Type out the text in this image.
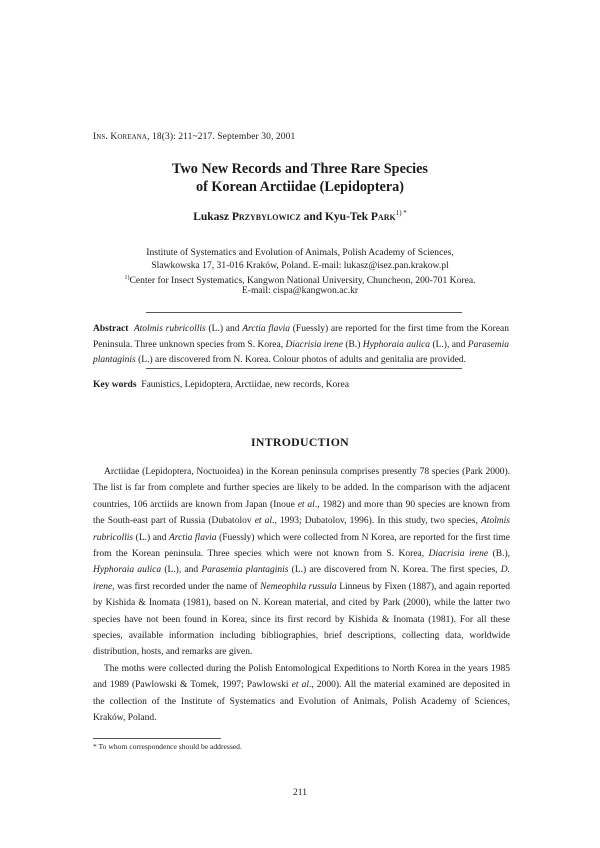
Ins. Koreana, 18(3): 211~217. September 30, 2001
Two New Records and Three Rare Species
of Korean Arctiidae (Lepidoptera)
Lukasz Przybylowicz and Kyu-Tek Park$^{1) *}$
Institute of Systematics and Evolution of Animals, Polish Academy of Sciences,
Slawkowska 17, 31-016 Kraków, Poland. E-mail: lukasz@isez.pan.krakow.pl
$^{1)}$Center for Insect Systematics, Kangwon National University, Chuncheon, 200-701 Korea.
E-mail: cispa@kangwon.ac.kr
Abstract Atolmis rubricollis (L.) and Arctia flavia (Fuessly) are reported for the first time from the Korean Peninsula. Three unknown species from S. Korea, Diacrisia irene (B.) Hyphoraia aulica (L.), and Parasemia plantaginis (L.) are discovered from N. Korea. Colour photos of adults and genitalia are provided.
Key words Faunistics, Lepidoptera, Arctiidae, new records, Korea
INTRODUCTION

Arctiidae (Lepidoptera, Noctuoidea) in the Korean peninsula comprises presently 78 species (Park 2000). The list is far from complete and further species are likely to be added. In the comparison with the adjacent countries, 106 arctiids are known from Japan (Inoue et al., 1982) and more than 90 species are known from the South-east part of Russia (Dubatolov et al., 1993; Dubatolov, 1996). In this study, two species, Atolmis rubricollis (L.) and Arctia flavia (Fuessly) which were collected from N Korea, are reported for the first time from the Korean peninsula. Three species which were not known from S. Korea, Diacrisia irene (B.), Hyphoraia aulica (L.), and Parasemia plantaginis (L.) are discovered from N. Korea. The first species, D. irene, was first recorded under the name of Nemeophila russula Linneus by Fixen (1887), and again reported by Kishida & Inomata (1981), based on N. Korean material, and cited by Park (2000), while the latter two species have not been found in Korea, since its first record by Kishida & Inomata (1981). For all these species, available information including bibliographies, brief descriptions, collecting data, worldwide distribution, hosts, and remarks are given.

The moths were collected during the Polish Entomological Expeditions to North Korea in the years 1985 and 1989 (Pawlowski & Tomek, 1997; Pawlowski et al., 2000). All the material examined are deposited in the collection of the Institute of Systematics and Evolution of Animals, Polish Academy of Sciences, Kraków, Poland.

* To whom correspondence should be addressed.
211
